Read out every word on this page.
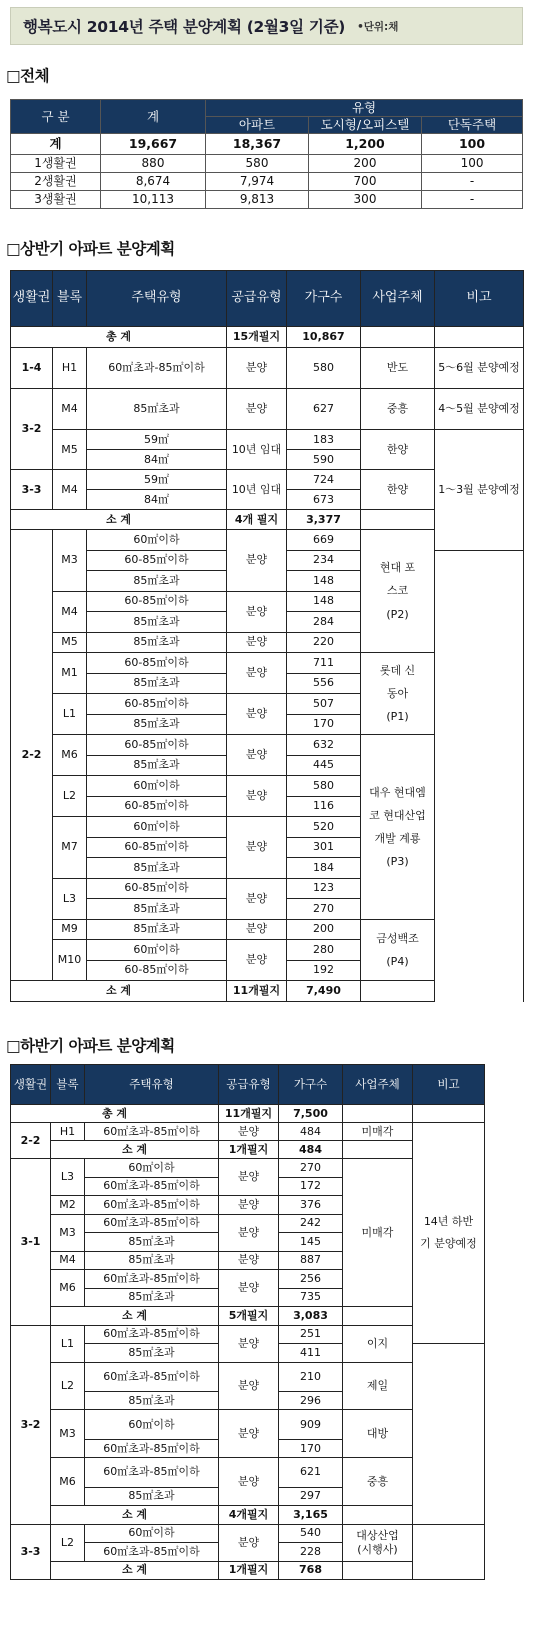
행복도시 2014년 주택 분양계획 (2월3일 기준) •단위:채
□전체
구 분	계	유형		
		아파트	도시형/오피스텔	단독주택
계	19,667	18,367	1,200	100
1생활권	880	580	200	100
2생활권	8,674	7,974	700	-
3생활권	10,113	9,813	300	-
□상반기 아파트 분양계획
생활권	블록	주택유형	공급유형	가구수	사업주체	비고	
총 계			15개필지	10,867			
1-4	H1	60㎡초과-85㎡이하	분양	580	반도	5～6월 분양예정	
3-2	M4	85㎡초과	분양	627	중흥	4～5월 분양예정	
	M5	59㎡	10년 임대	183	한양	1～3월 분양예정	
		84㎡		590			
3-3	M4	59㎡	10년 임대	724	한양		
		84㎡		673			
소 계			4개 필지	3,377			
2-2	M3	60㎡이하	분양	669	현대 포스코 (P2)	
		60-85㎡이하		234			
		85㎡초과		148			
	M4	60-85㎡이하	분양	148			
		85㎡초과		284			
	M5	85㎡초과	분양	220			
	M1	60-85㎡이하	분양	711	롯데 신동아 (P1)		
		85㎡초과		556			
	L1	60-85㎡이하	분양	507			
		85㎡초과		170			
	M6	60-85㎡이하	분양	632	대우 현대엠코 현대산업개발 계룡 (P3)		
		85㎡초과		445			
	L2	60㎡이하	분양	580			
		60-85㎡이하		116			
	M7	60㎡이하	분양	520			
		60-85㎡이하		301			
		85㎡초과		184			
	L3	60-85㎡이하	분양	123			
		85㎡초과		270			
	M9	85㎡초과	분양	200	금성백조 (P4)		
	M10	60㎡이하	분양	280			
		60-85㎡이하		192			
소 계			11개필지	7,490			
□하반기 아파트 분양계획
생활권	블록	주택유형	공급유형	가구수	사업주체	비고	
총 계			11개필지	7,500			
2-2	H1	60㎡초과-85㎡이하	분양	484	미매각	14년 하반기 분양예정	
	소 계		1개필지	484			
3-1	L3	60㎡이하	분양	270	미매각		
		60㎡초과-85㎡이하		172			
	M2	60㎡초과-85㎡이하	분양	376			
	M3	60㎡초과-85㎡이하	분양	242			
		85㎡초과		145			
	M4	85㎡초과	분양	887			
	M6	60㎡초과-85㎡이하	분양	256			
		85㎡초과		735			
	소 계		5개필지	3,083			
3-2	L1	60㎡초과-85㎡이하	분양	251	이지	
		85㎡초과		411			
	L2	60㎡초과-85㎡이하	분양	210	제일		
		85㎡초과		296			
	M3	60㎡이하	분양	909	대방		
		60㎡초과-85㎡이하		170			
	M6	60㎡초과-85㎡이하	분양	621	중흥		
		85㎡초과		297			
	소 계		4개필지	3,165			
3-3	L2	60㎡이하	분양	540	대상산업 (시행사)		
		60㎡초과-85㎡이하		228			
	소 계		1개필지	768			
